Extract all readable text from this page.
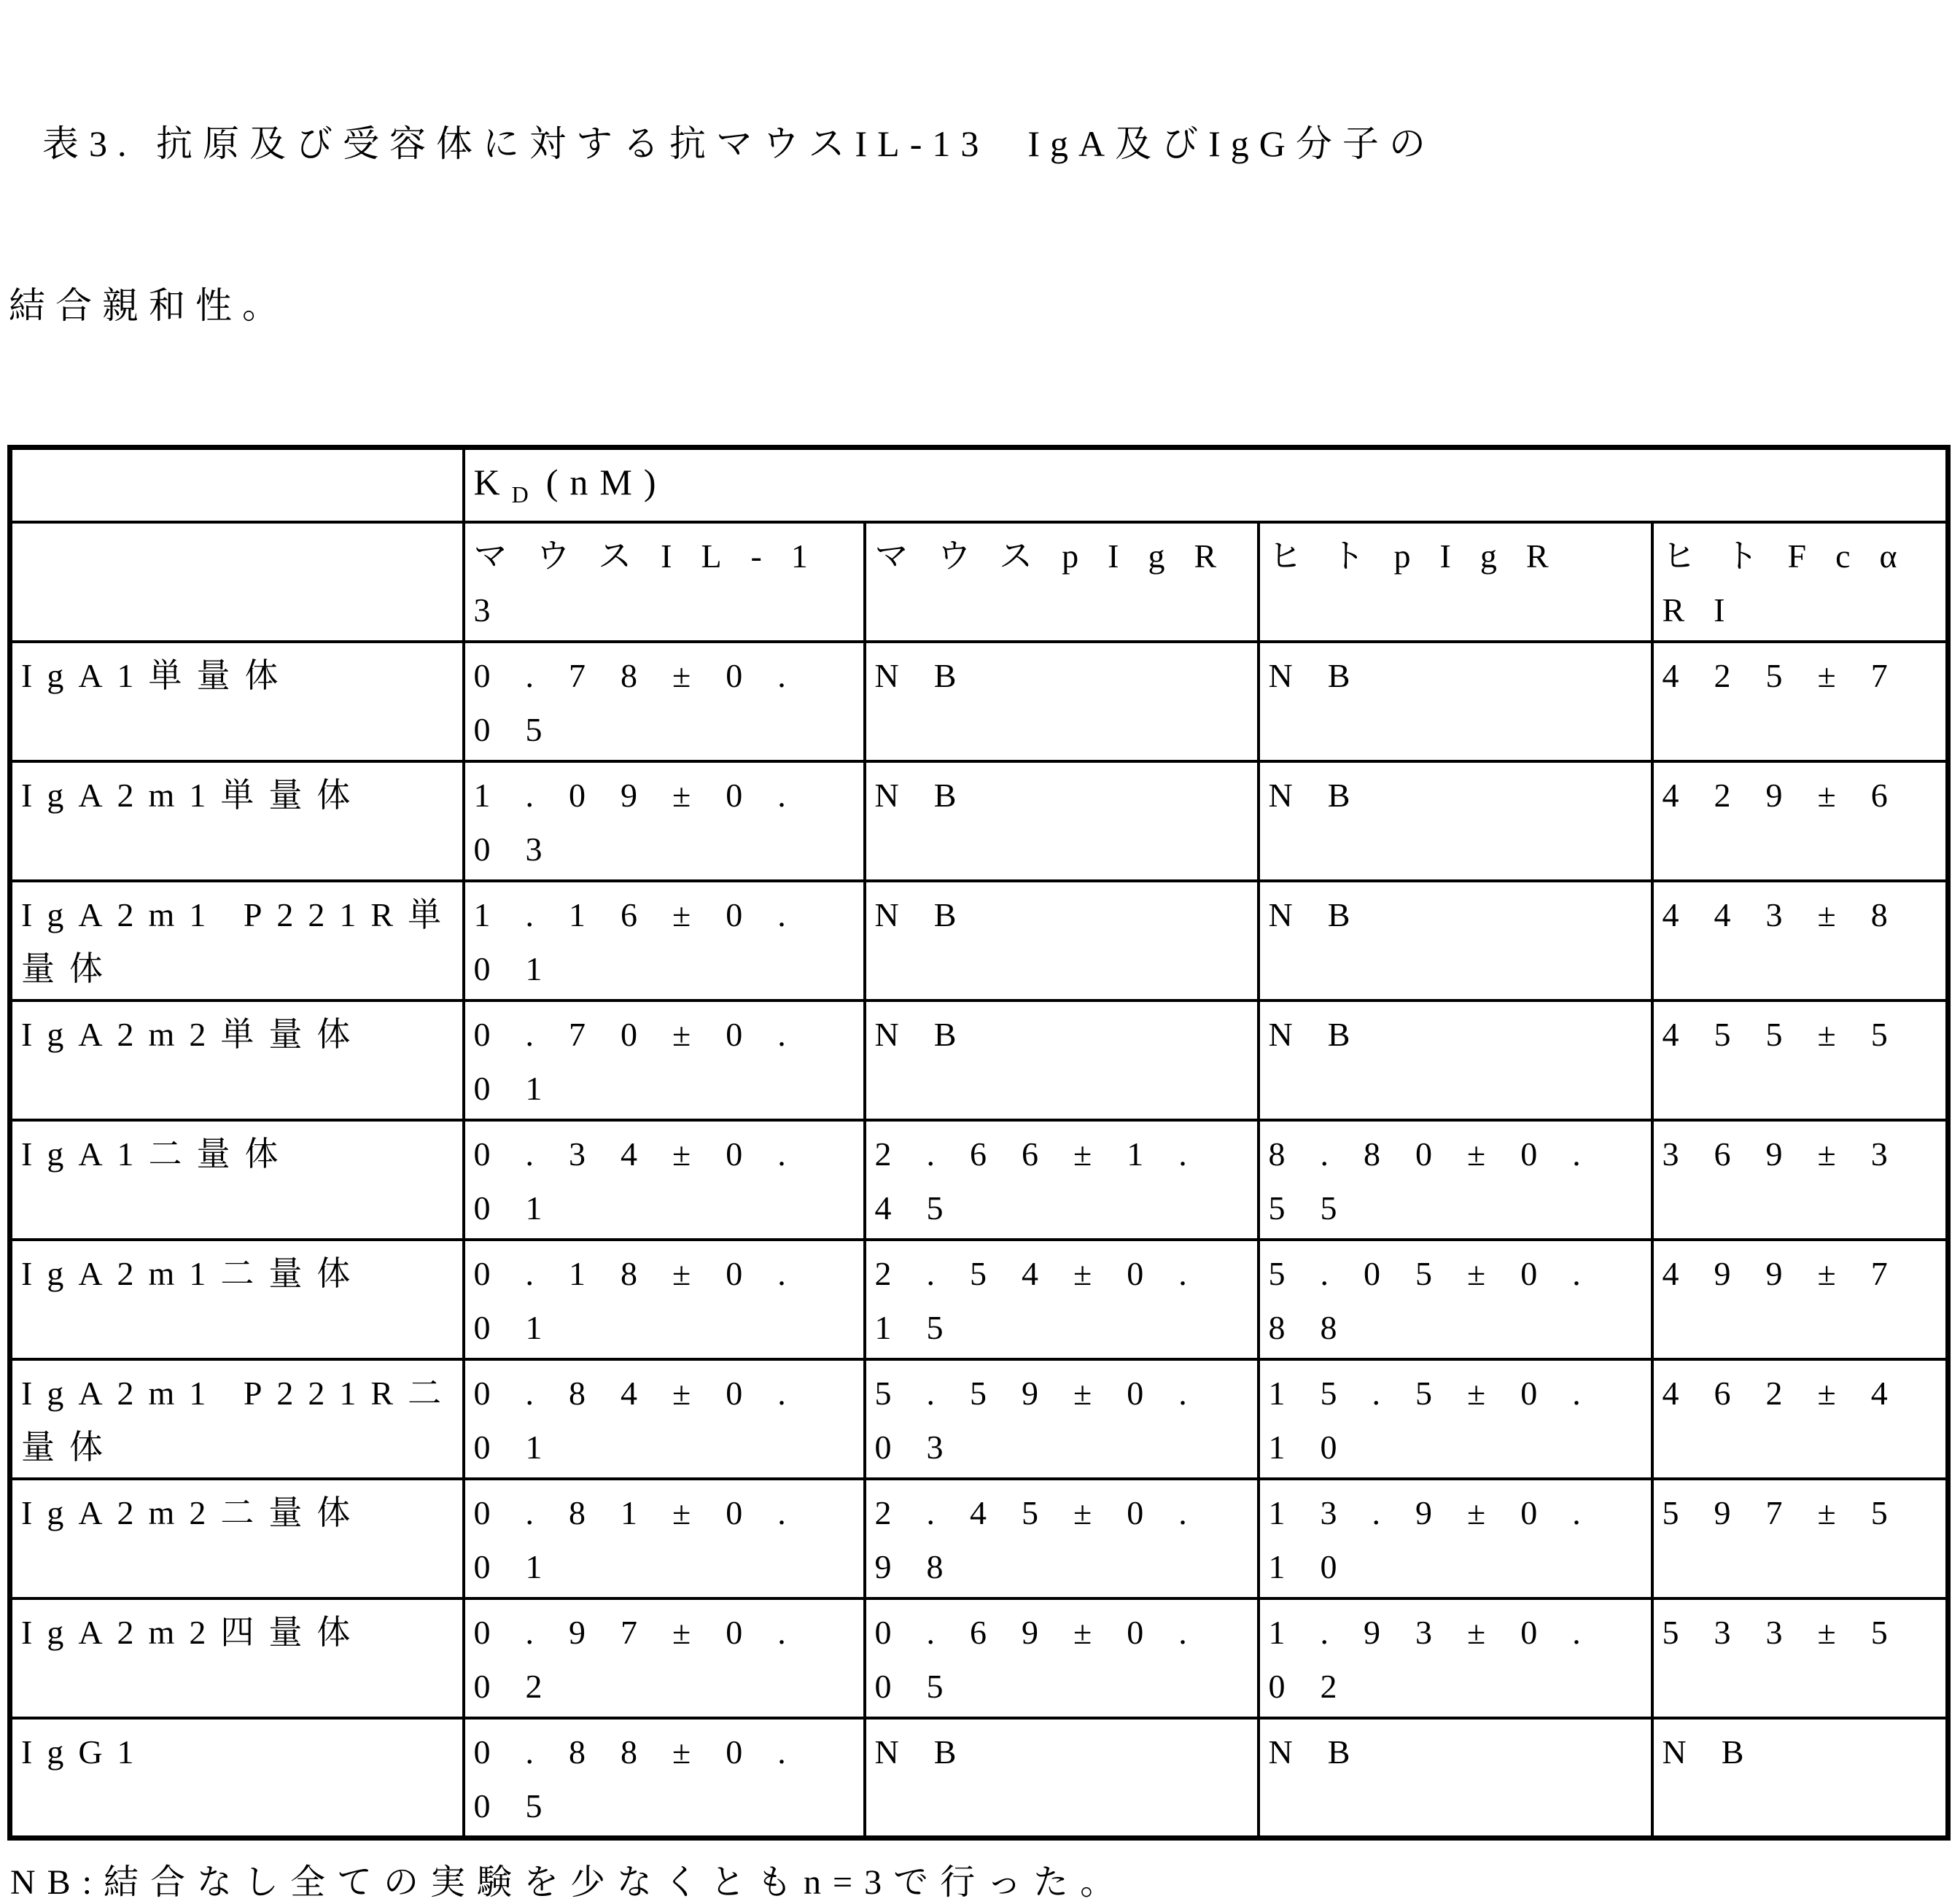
表3. 抗原及び受容体に対する抗マウスIL-13  IgA及びIgG分子の

結合親和性。

	$K_D$ (nM)			
	マウスIL-13	マウスpIgR	ヒトpIgR	ヒトFcαRI
IgA1単量体	0.78±0.05	NB	NB	425±7
IgA2m1単量体	1.09±0.03	NB	NB	429±6
IgA2m1 P221R単量体	1.16±0.01	NB	NB	443±8
IgA2m2単量体	0.70±0.01	NB	NB	455±5
IgA1二量体	0.34±0.01	2.66±1.45	8.80±0.55	369±3
IgA2m1二量体	0.18±0.01	2.54±0.15	5.05±0.88	499±7
IgA2m1 P221R二量体	0.84±0.01	5.59±0.03	15.5±0.10	462±4
IgA2m2二量体	0.81±0.01	2.45±0.98	13.9±0.10	597±5
IgA2m2四量体	0.97±0.02	0.69±0.05	1.93±0.02	533±5
IgG1	0.88±0.05	NB	NB	NB
NB:結合なし全ての実験を少なくともn=3で行った。
